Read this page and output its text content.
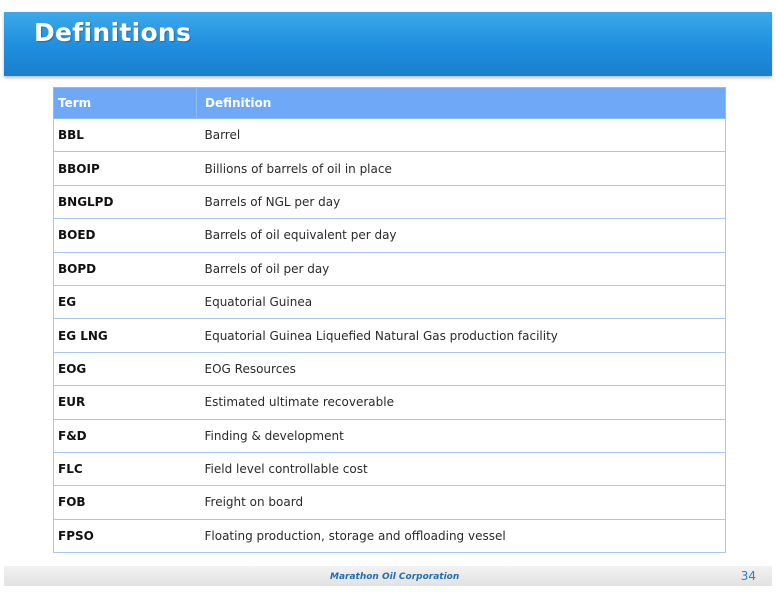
Definitions
Term	Definition
BBL	Barrel
BBOIP	Billions of barrels of oil in place
BNGLPD	Barrels of NGL per day
BOED	Barrels of oil equivalent per day
BOPD	Barrels of oil per day
EG	Equatorial Guinea
EG LNG	Equatorial Guinea Liquefied Natural Gas production facility
EOG	EOG Resources
EUR	Estimated ultimate recoverable
F&D	Finding & development
FLC	Field level controllable cost
FOB	Freight on board
FPSO	Floating production, storage and offloading vessel
Marathon Oil Corporation	34
